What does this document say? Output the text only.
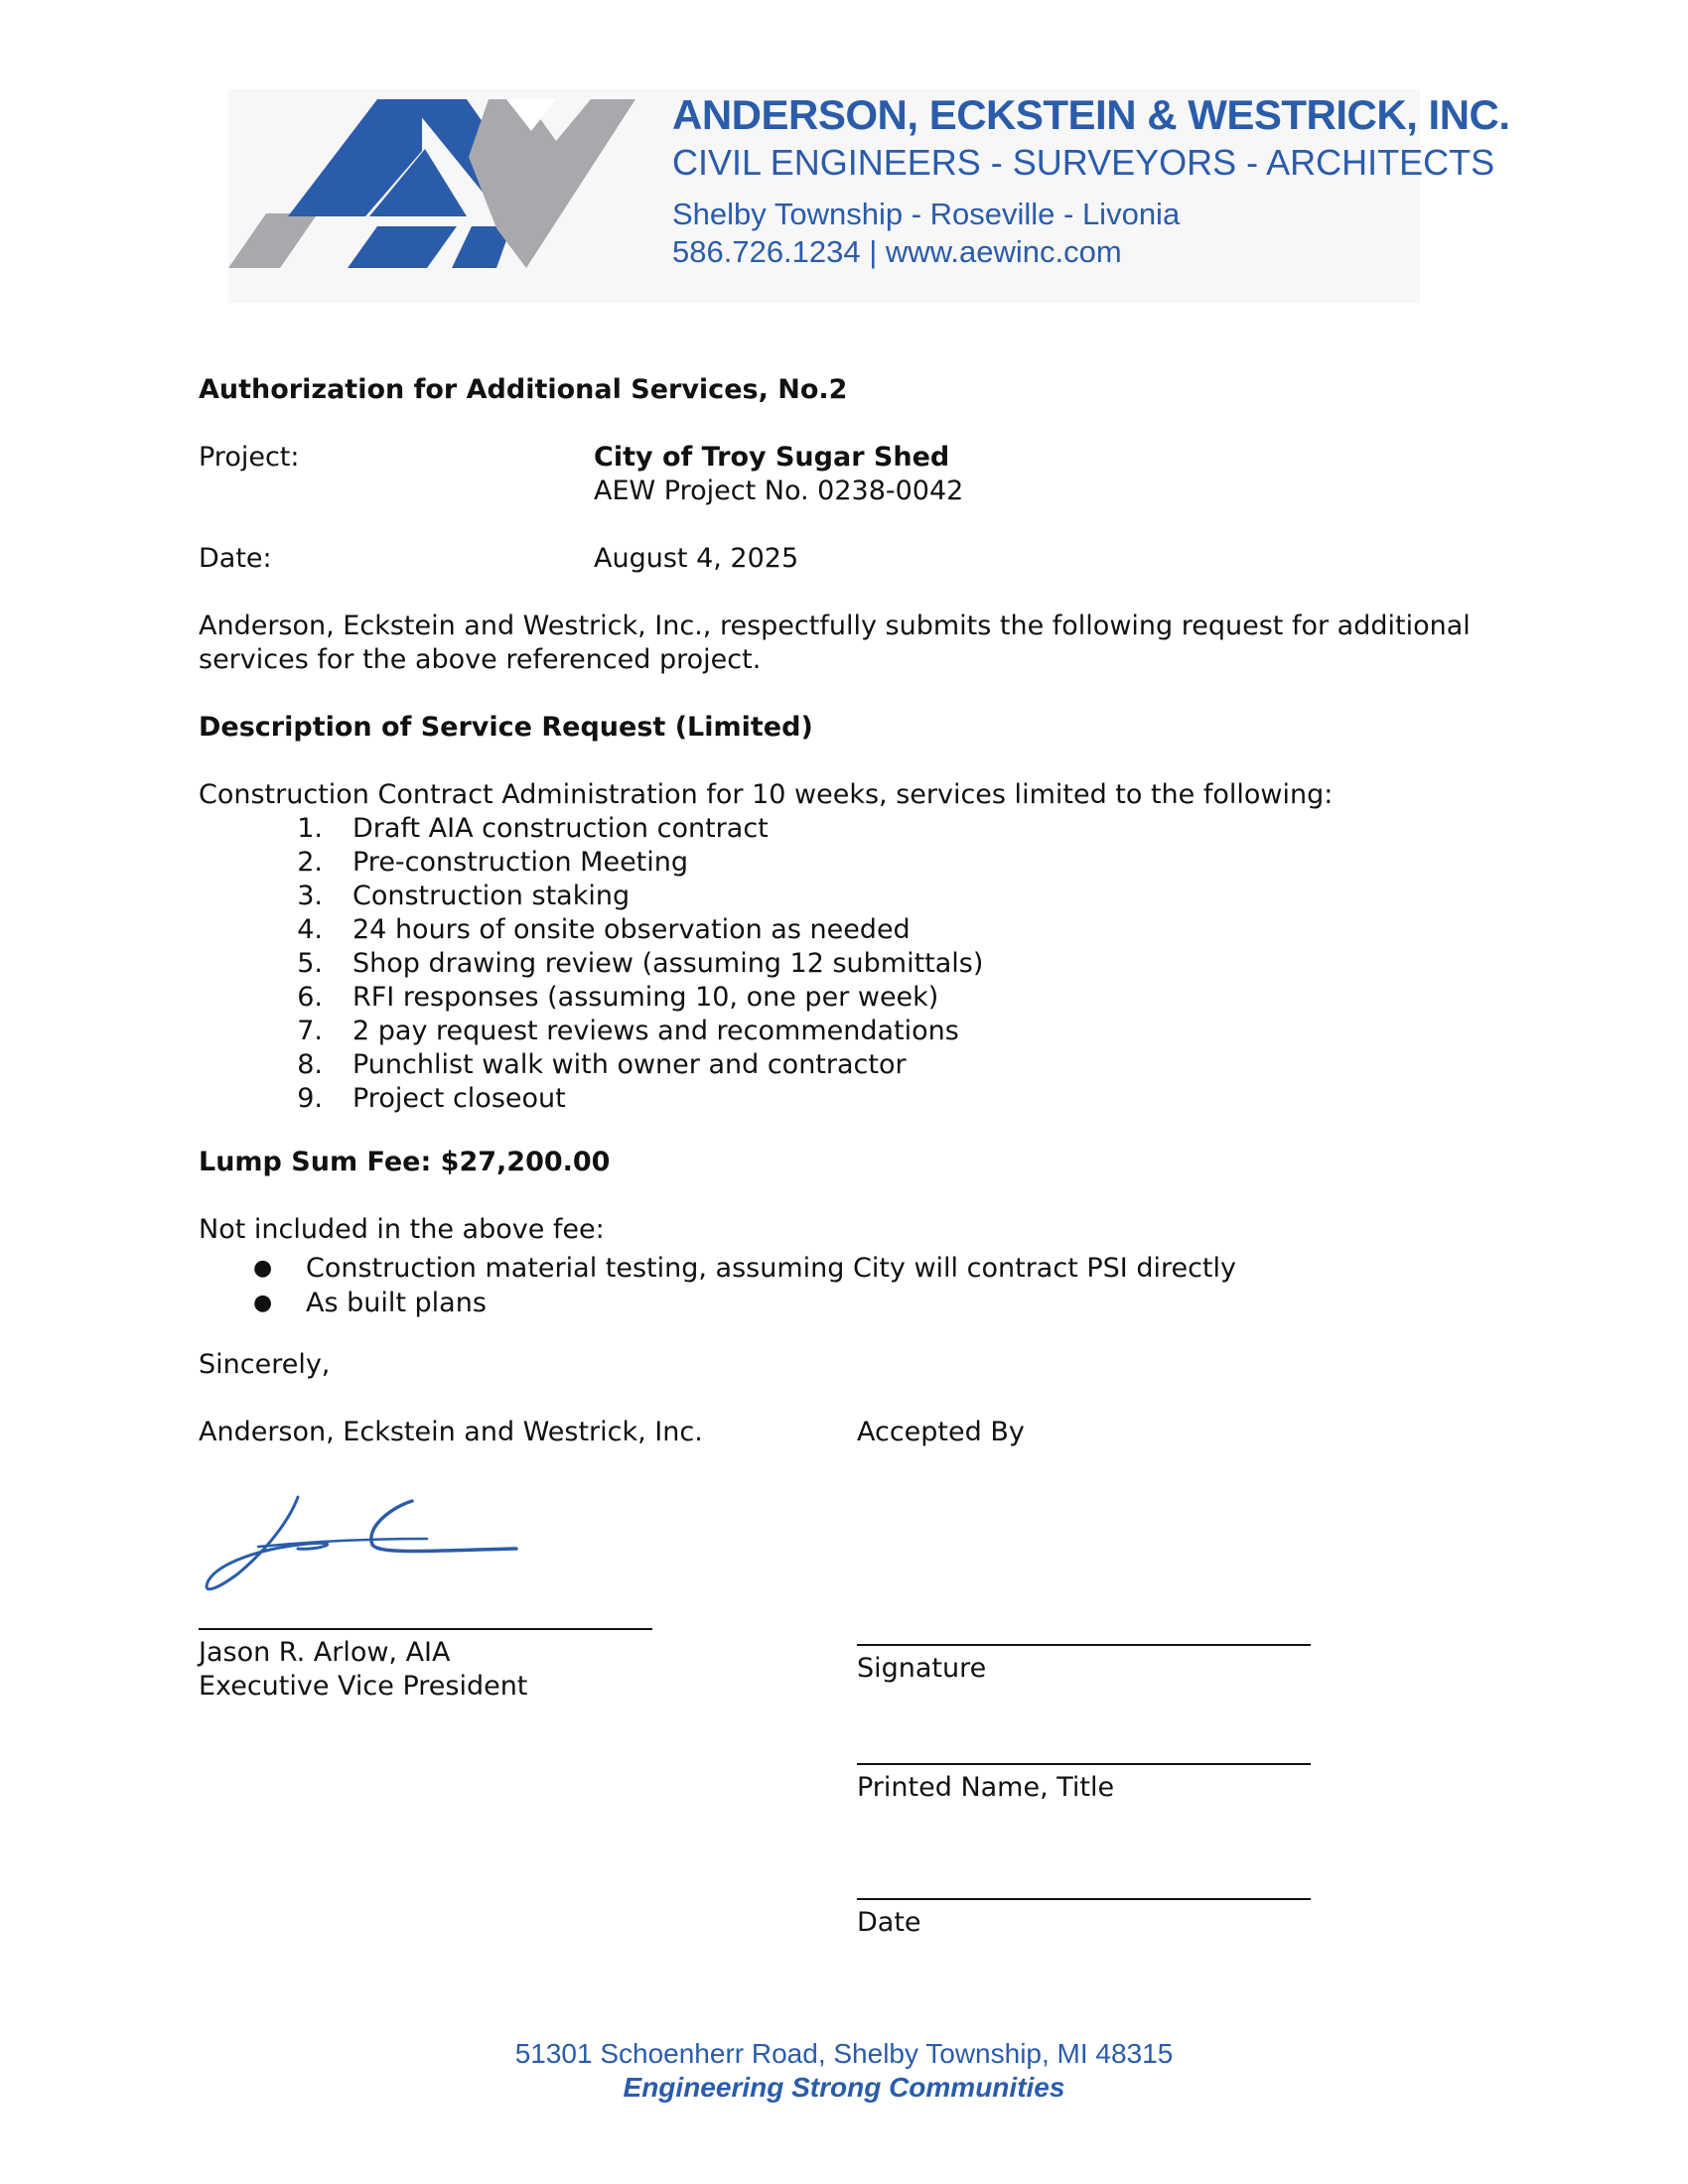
ANDERSON, ECKSTEIN & WESTRICK, INC.
CIVIL ENGINEERS - SURVEYORS - ARCHITECTS
Shelby Township - Roseville - Livonia
586.726.1234 | www.aewinc.com
Authorization for Additional Services, No.2
Project:	City of Troy Sugar Shed
AEW Project No. 0238-0042
Date:	August 4, 2025
Anderson, Eckstein and Westrick, Inc., respectfully submits the following request for additional
services for the above referenced project.
Description of Service Request (Limited)
Construction Contract Administration for 10 weeks, services limited to the following:
1. Draft AIA construction contract
2. Pre-construction Meeting
3. Construction staking
4. 24 hours of onsite observation as needed
5. Shop drawing review (assuming 12 submittals)
6. RFI responses (assuming 10, one per week)
7. 2 pay request reviews and recommendations
8. Punchlist walk with owner and contractor
9. Project closeout
Lump Sum Fee: $27,200.00
Not included in the above fee:
● Construction material testing, assuming City will contract PSI directly
● As built plans
Sincerely,
Anderson, Eckstein and Westrick, Inc.	Accepted By
Jason R. Arlow, AIA
Executive Vice President
Signature
Printed Name, Title
Date
51301 Schoenherr Road, Shelby Township, MI 48315
Engineering Strong Communities
